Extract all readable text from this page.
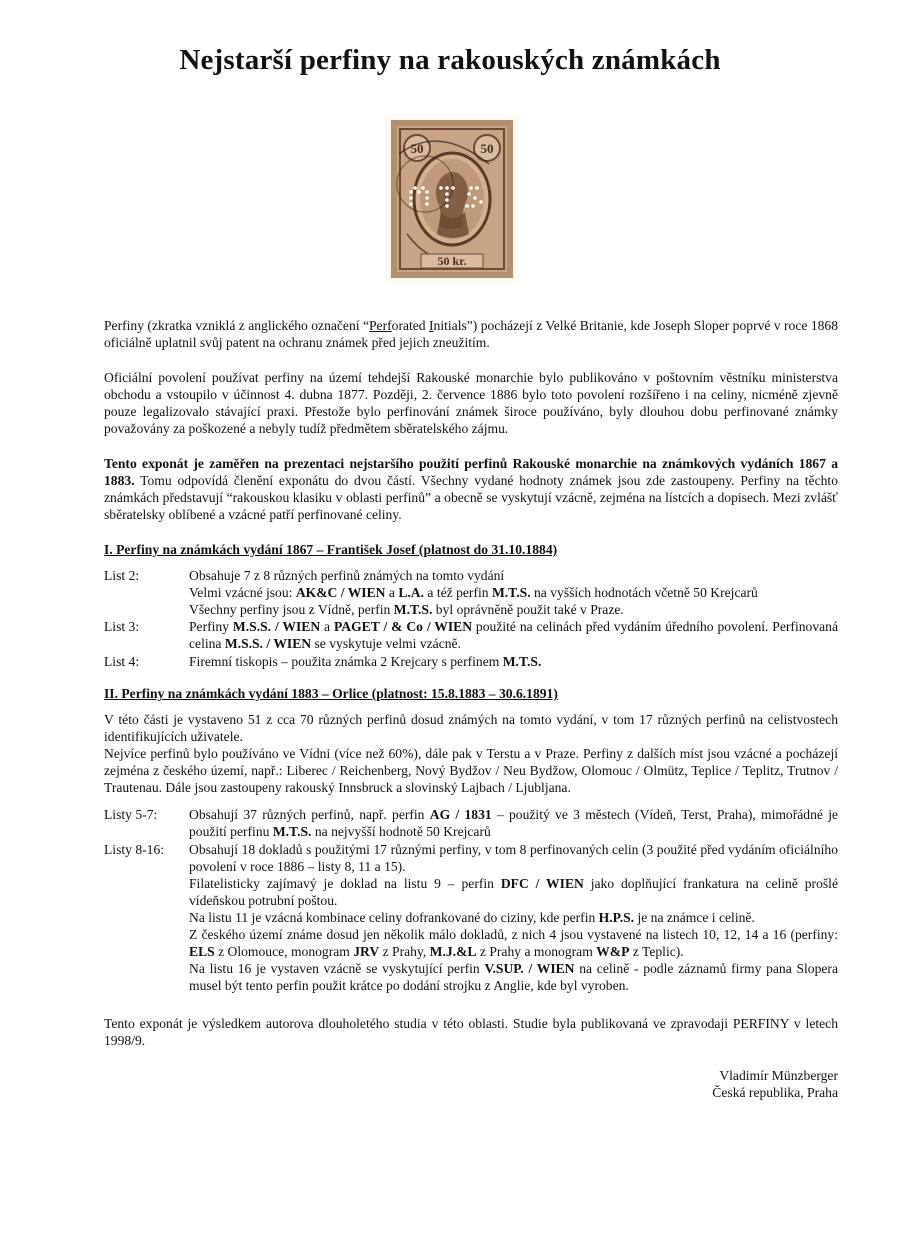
Nejstarší perfiny na rakouských známkách
50	50
50 kr.

Perfiny (zkratka vzniklá z anglického označení “Perforated Initials”) pocházejí z Velké Britanie, kde Joseph Sloper poprvé v roce 1868 oficiálně uplatnil svůj patent na ochranu známek před jejich zneužitím.

Oficiální povolení používat perfiny na území tehdejší Rakouské monarchie bylo publikováno v poštovním věstníku ministerstva obchodu a vstoupilo v účinnost 4. dubna 1877. Později, 2. července 1886 bylo toto povolení rozšířeno i na celiny, nicméně zjevně pouze legalizovalo stávající praxi. Přestože bylo perfinování známek široce používáno, byly dlouhou dobu perfinované známky považovány za poškozené a nebyly tudíž předmětem sběratelského zájmu.

Tento exponát je zaměřen na prezentaci nejstaršího použití perfinů Rakouské monarchie na známkových vydáních 1867 a 1883. Tomu odpovídá členění exponátu do dvou částí. Všechny vydané hodnoty známek jsou zde zastoupeny. Perfiny na těchto známkách představují “rakouskou klasiku v oblasti perfinů” a obecně se vyskytují vzácně, zejména na lístcích a dopisech. Mezi zvlášť sběratelsky oblíbené a vzácné patří perfinované celiny.

I. Perfiny na známkách vydání 1867 – František Josef (platnost do 31.10.1884)
List 2:	Obsahuje 7 z 8 různých perfinů známých na tomto vydání
Velmi vzácné jsou: AK&C / WIEN a L.A. a též perfin M.T.S. na vyšších hodnotách včetně 50 Krejcarů
Všechny perfiny jsou z Vídně, perfin M.T.S. byl oprávněně použit také v Praze.
List 3:	Perfiny M.S.S. / WIEN a PAGET / & Co / WIEN použité na celinách před vydáním úředního povolení. Perfinovaná celina M.S.S. / WIEN se vyskytuje velmi vzácně.
List 4:	Firemní tiskopis – použita známka 2 Krejcary s perfinem M.T.S.
II. Perfiny na známkách vydání 1883 – Orlice (platnost: 15.8.1883 – 30.6.1891)

V této části je vystaveno 51 z cca 70 různých perfinů dosud známých na tomto vydání, v tom 17 různých perfinů na celistvostech identifikujících uživatele.

Nejvíce perfinů bylo používáno ve Vídni (více než 60%), dále pak v Terstu a v Praze. Perfiny z dalších míst jsou vzácné a pocházejí zejména z českého území, např.: Liberec / Reichenberg, Nový Bydžov / Neu Bydžow, Olomouc / Olmütz, Teplice / Teplitz, Trutnov / Trautenau. Dále jsou zastoupeny rakouský Innsbruck a slovinský Lajbach / Ljubljana.

Listy 5-7: Obsahují 37 různých perfinů, např. perfin AG / 1831 – použitý ve 3 městech (Vídeň, Terst, Praha), mimořádné je použití perfinu M.T.S. na nejvyšší hodnotě 50 Krejcarů
Listy 8-16: Obsahují 18 dokladů s použitými 17 různými perfiny, v tom 8 perfinovaných celin (3 použité před vydáním oficiálního povolení v roce 1886 – listy 8, 11 a 15).
Filatelisticky zajímavý je doklad na listu 9 – perfin DFC / WIEN jako doplňující frankatura na celině prošlé vídeňskou potrubní poštou.
Na listu 11 je vzácná kombinace celiny dofrankované do ciziny, kde perfin H.P.S. je na známce i celině.
Z českého území známe dosud jen několik málo dokladů, z nich 4 jsou vystavené na listech 10, 12, 14 a 16 (perfiny: ELS z Olomouce, monogram JRV z Prahy, M.J.&L z Prahy a monogram W&P z Teplic).
Na listu 16 je vystaven vzácně se vyskytující perfin V.SUP. / WIEN na celině - podle záznamů firmy pana Slopera musel být tento perfin použit krátce po dodání strojku z Anglie, kde byl vyroben.

Tento exponát je výsledkem autorova dlouholetého studia v této oblasti. Studie byla publikovaná ve zpravodaji PERFINY v letech 1998/9.

Vladimír Münzberger
Česká republika, Praha
